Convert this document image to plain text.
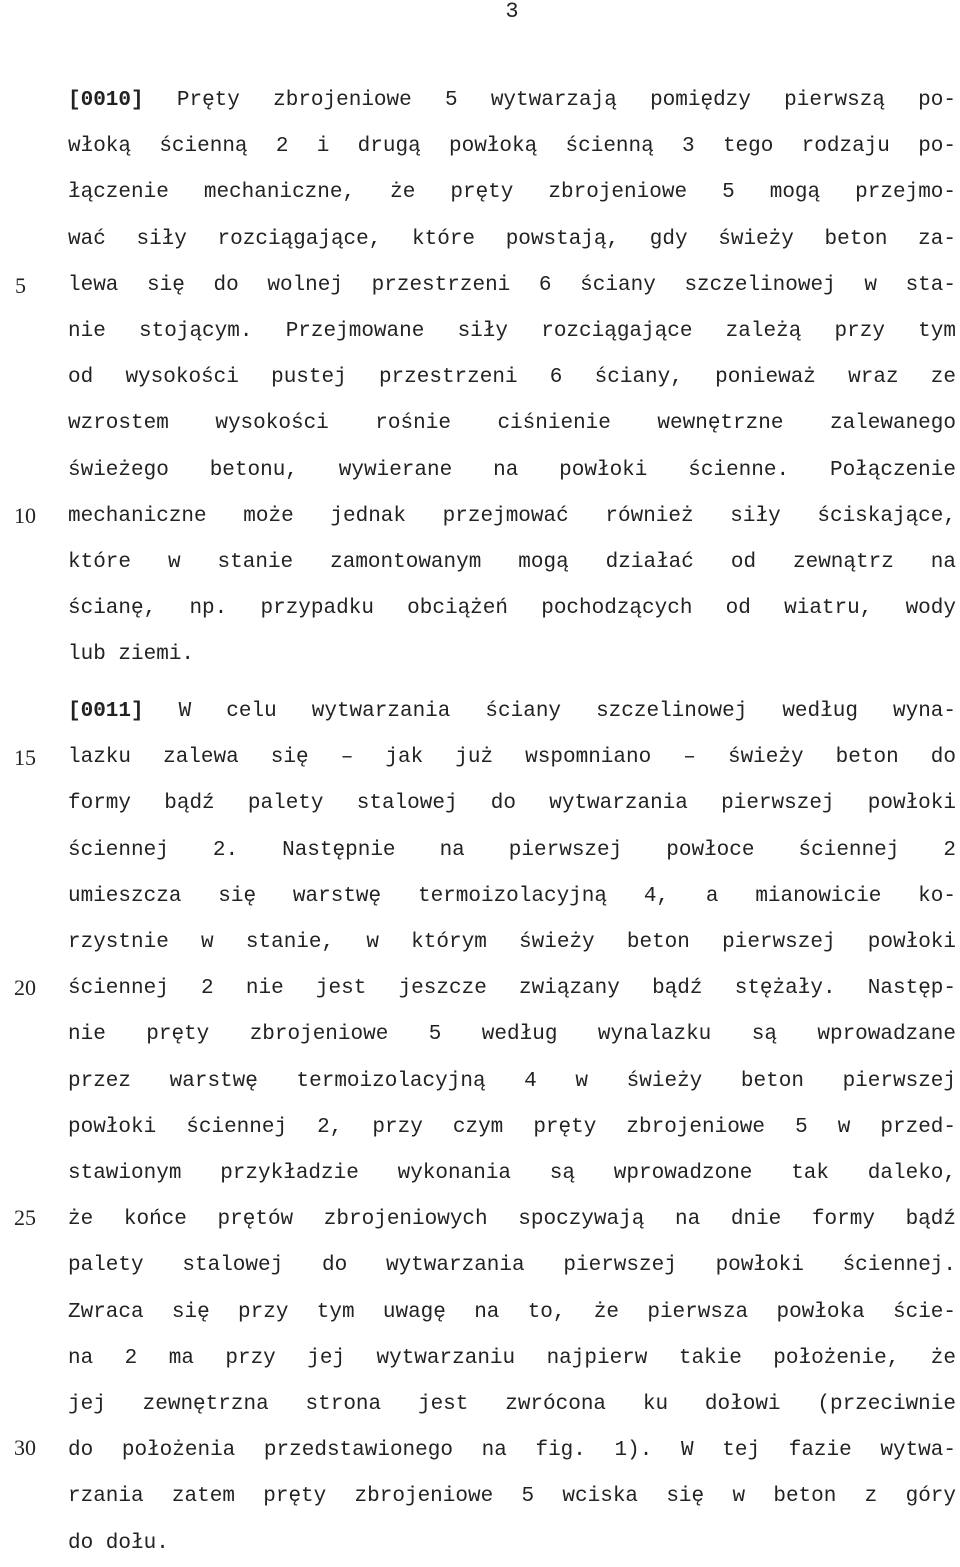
3
5
10
15
20
25
30
[0010] Pręty zbrojeniowe 5 wytwarzają pomiędzy pierwszą po-
włoką ścienną 2 i drugą powłoką ścienną 3 tego rodzaju po-
łączenie mechaniczne, że pręty zbrojeniowe 5 mogą przejmo-
wać siły rozciągające, które powstają, gdy świeży beton za-
lewa się do wolnej przestrzeni 6 ściany szczelinowej w sta-
nie stojącym. Przejmowane siły rozciągające zależą przy tym
od wysokości pustej przestrzeni 6 ściany, ponieważ wraz ze
wzrostem wysokości rośnie ciśnienie wewnętrzne zalewanego
świeżego betonu, wywierane na powłoki ścienne. Połączenie
mechaniczne może jednak przejmować również siły ściskające,
które w stanie zamontowanym mogą działać od zewnątrz na
ścianę, np. przypadku obciążeń pochodzących od wiatru, wody
lub ziemi.
[0011] W celu wytwarzania ściany szczelinowej według wyna-
lazku zalewa się – jak już wspomniano – świeży beton do
formy bądź palety stalowej do wytwarzania pierwszej powłoki
ściennej 2. Następnie na pierwszej powłoce ściennej 2
umieszcza się warstwę termoizolacyjną 4, a mianowicie ko-
rzystnie w stanie, w którym świeży beton pierwszej powłoki
ściennej 2 nie jest jeszcze związany bądź stężały. Następ-
nie pręty zbrojeniowe 5 według wynalazku są wprowadzane
przez warstwę termoizolacyjną 4 w świeży beton pierwszej
powłoki ściennej 2, przy czym pręty zbrojeniowe 5 w przed-
stawionym przykładzie wykonania są wprowadzone tak daleko,
że końce prętów zbrojeniowych spoczywają na dnie formy bądź
palety stalowej do wytwarzania pierwszej powłoki ściennej.
Zwraca się przy tym uwagę na to, że pierwsza powłoka ście-
na 2 ma przy jej wytwarzaniu najpierw takie położenie, że
jej zewnętrzna strona jest zwrócona ku dołowi (przeciwnie
do położenia przedstawionego na fig. 1). W tej fazie wytwa-
rzania zatem pręty zbrojeniowe 5 wciska się w beton z góry
do dołu.
